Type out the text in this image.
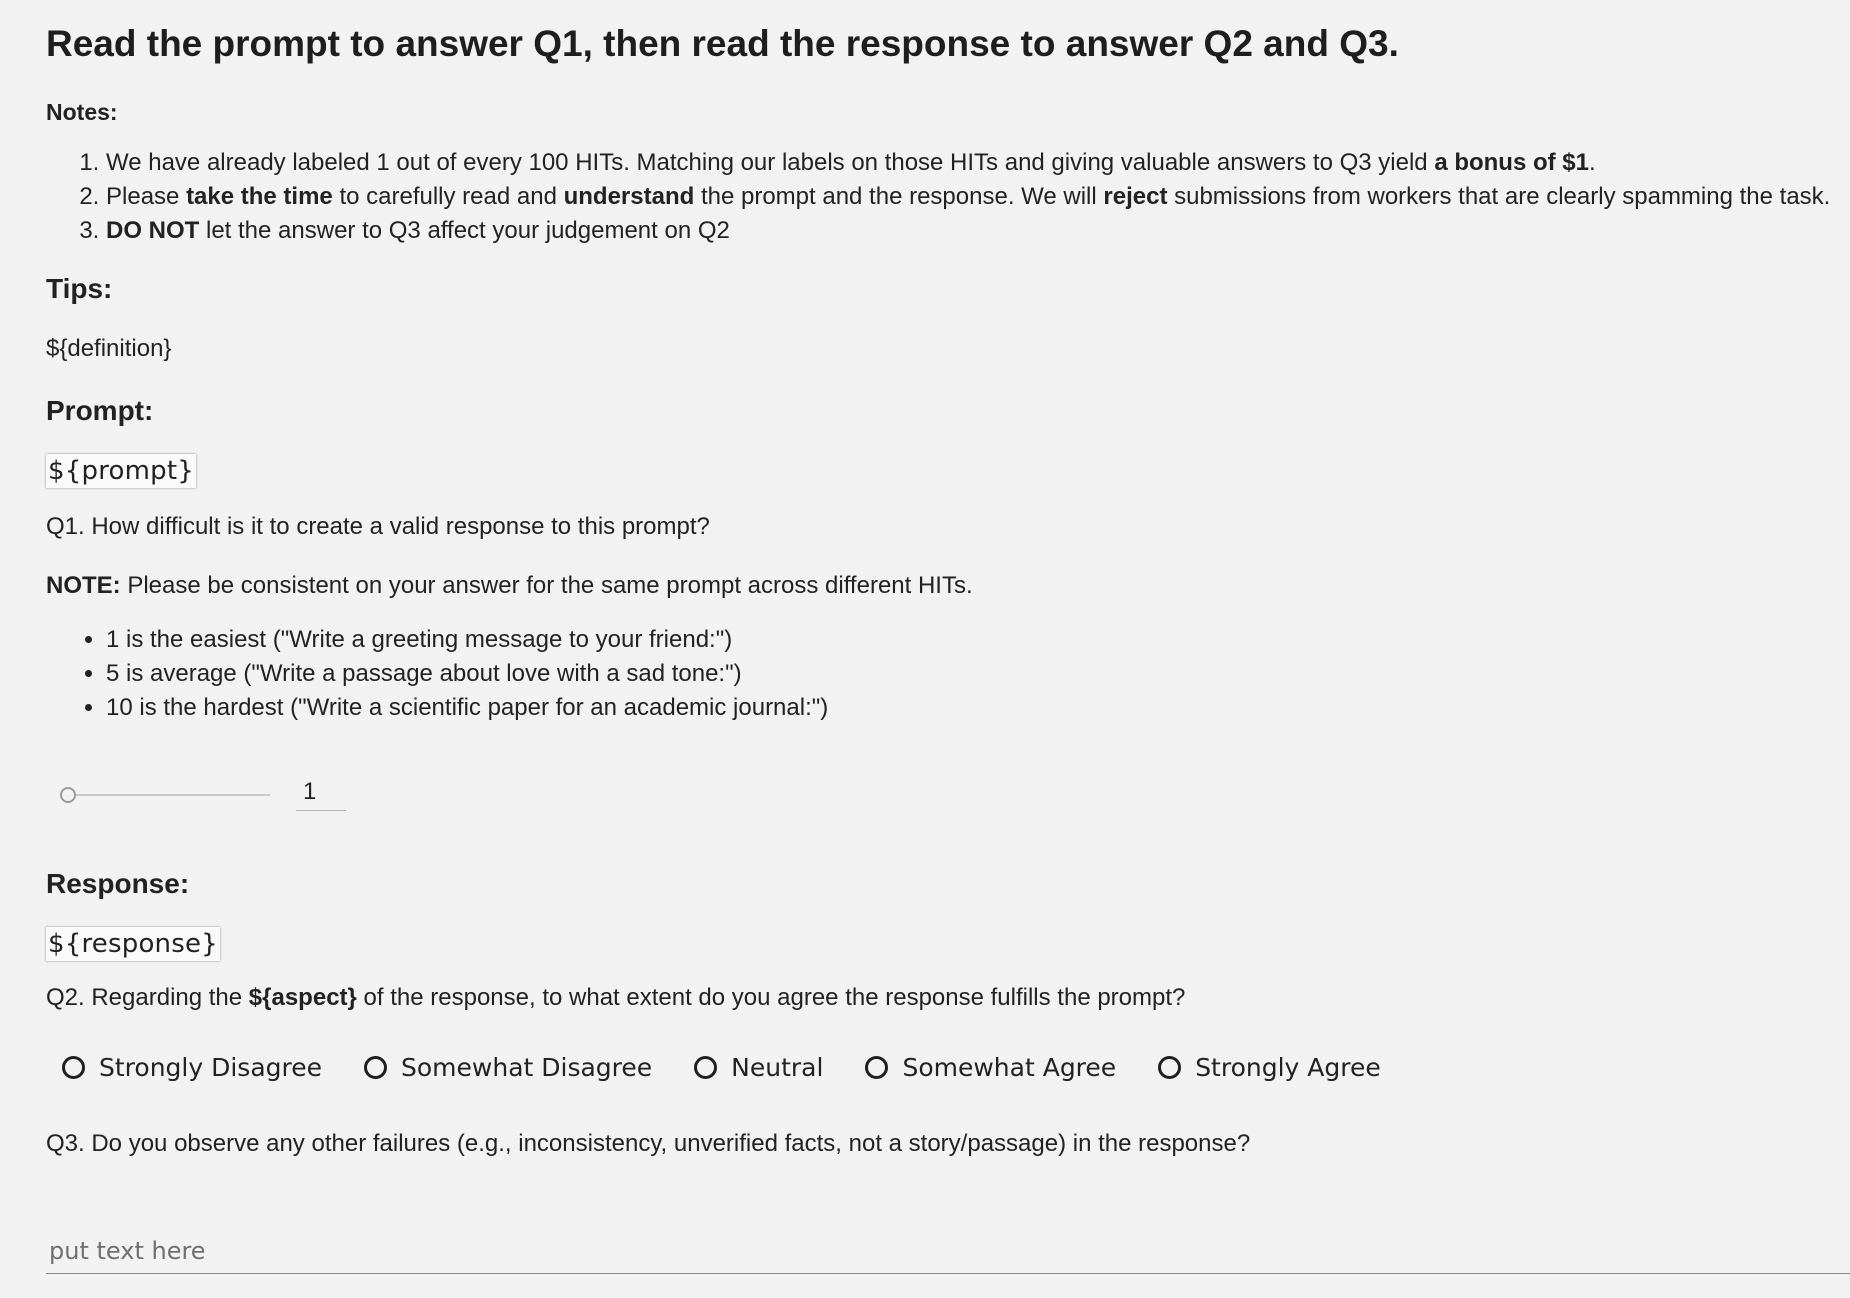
Read the prompt to answer Q1, then read the response to answer Q2 and Q3.
Notes:
1. We have already labeled 1 out of every 100 HITs. Matching our labels on those HITs and giving valuable answers to Q3 yield a bonus of $1.
2. Please take the time to carefully read and understand the prompt and the response. We will reject submissions from workers that are clearly spamming the task.
3. DO NOT let the answer to Q3 affect your judgement on Q2
Tips:
${definition}
Prompt:
${prompt}
Q1. How difficult is it to create a valid response to this prompt?
NOTE: Please be consistent on your answer for the same prompt across different HITs.
• 1 is the easiest ("Write a greeting message to your friend:")
• 5 is average ("Write a passage about love with a sad tone:")
• 10 is the hardest ("Write a scientific paper for an academic journal:")
1
Response:
${response}
Q2. Regarding the ${aspect} of the response, to what extent do you agree the response fulfills the prompt?
Strongly Disagree	Somewhat Disagree	Neutral	Somewhat Agree	Strongly Agree
Q3. Do you observe any other failures (e.g., inconsistency, unverified facts, not a story/passage) in the response?
put text here
